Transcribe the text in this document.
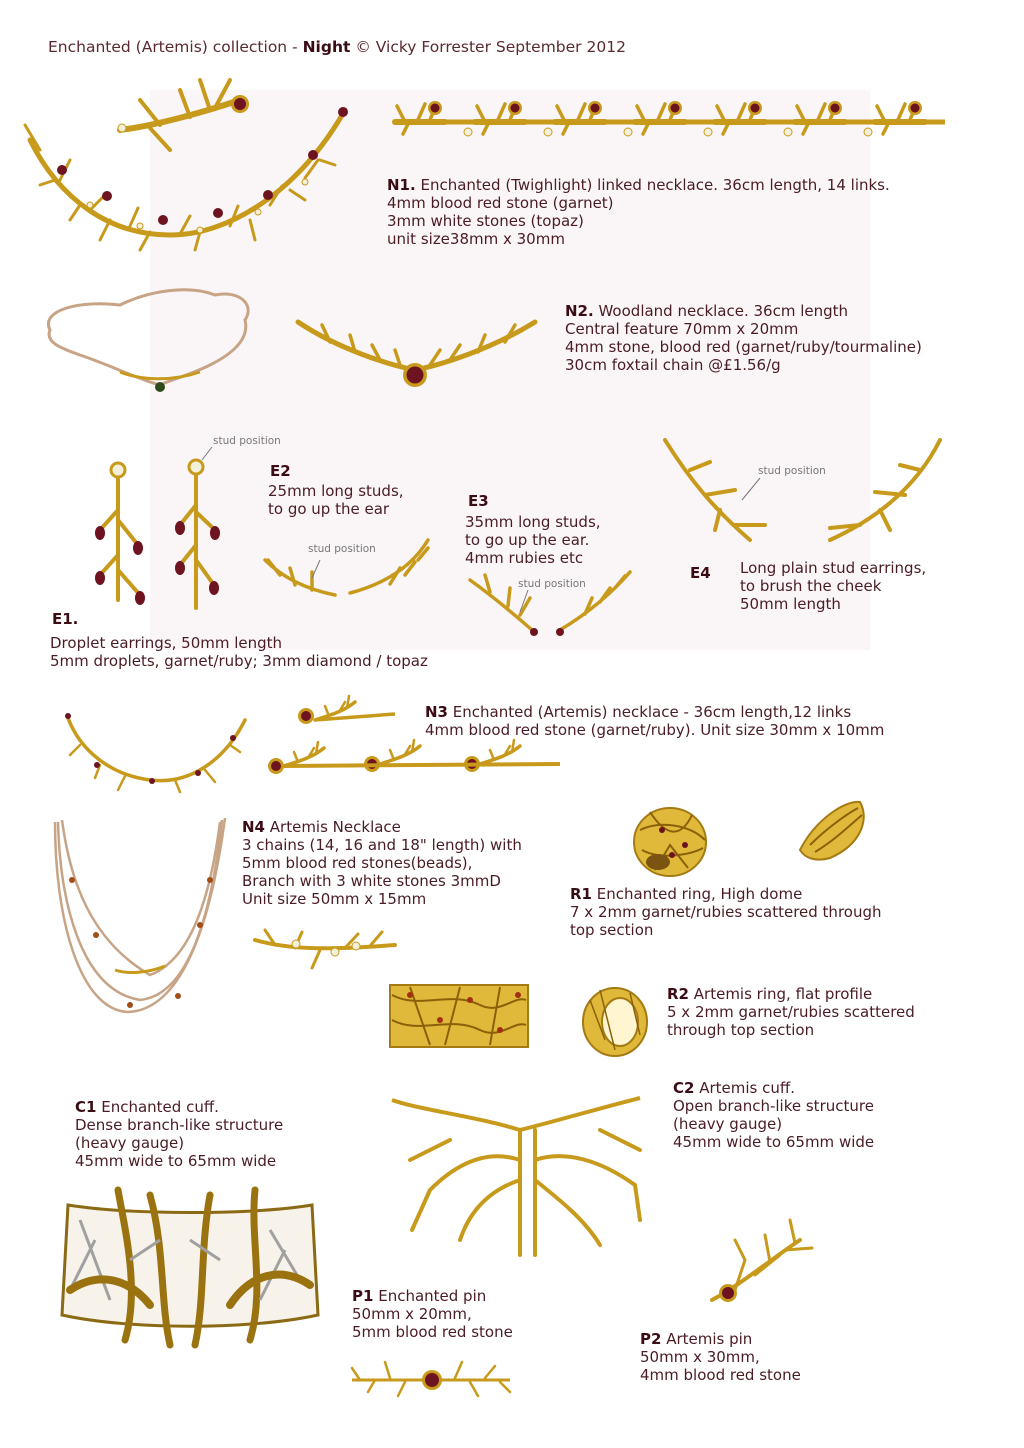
Enchanted (Artemis) collection - Night © Vicky Forrester September 2012
N1. Enchanted (Twighlight) linked necklace. 36cm length, 14 links.
4mm blood red stone (garnet)
3mm white stones (topaz)
unit size38mm x 30mm
N2. Woodland necklace. 36cm length
Central feature 70mm x 20mm
4mm stone, blood red (garnet/ruby/tourmaline)
30cm foxtail chain @£1.56/g
stud position
E1.
Droplet earrings, 50mm length
5mm droplets, garnet/ruby; 3mm diamond / topaz
E2
25mm long studs,
to go up the ear
stud position
E3
35mm long studs,
to go up the ear.
4mm rubies etc
stud position
stud position
E4 Long plain stud earrings,
to brush the cheek
50mm length
N3 Enchanted (Artemis) necklace - 36cm length,12 links
4mm blood red stone (garnet/ruby). Unit size 30mm x 10mm
N4 Artemis Necklace
3 chains (14, 16 and 18" length) with
5mm blood red stones(beads),
Branch with 3 white stones 3mmD
Unit size 50mm x 15mm	R1 Enchanted ring, High dome
7 x 2mm garnet/rubies scattered through
top section
R2 Artemis ring, flat profile
5 x 2mm garnet/rubies scattered
through top section
C1 Enchanted cuff.
Dense branch-like structure
(heavy gauge)
45mm wide to 65mm wide
C2 Artemis cuff.
Open branch-like structure
(heavy gauge)
45mm wide to 65mm wide
P1 Enchanted pin
50mm x 20mm,
5mm blood red stone	P2 Artemis pin
50mm x 30mm,
4mm blood red stone
